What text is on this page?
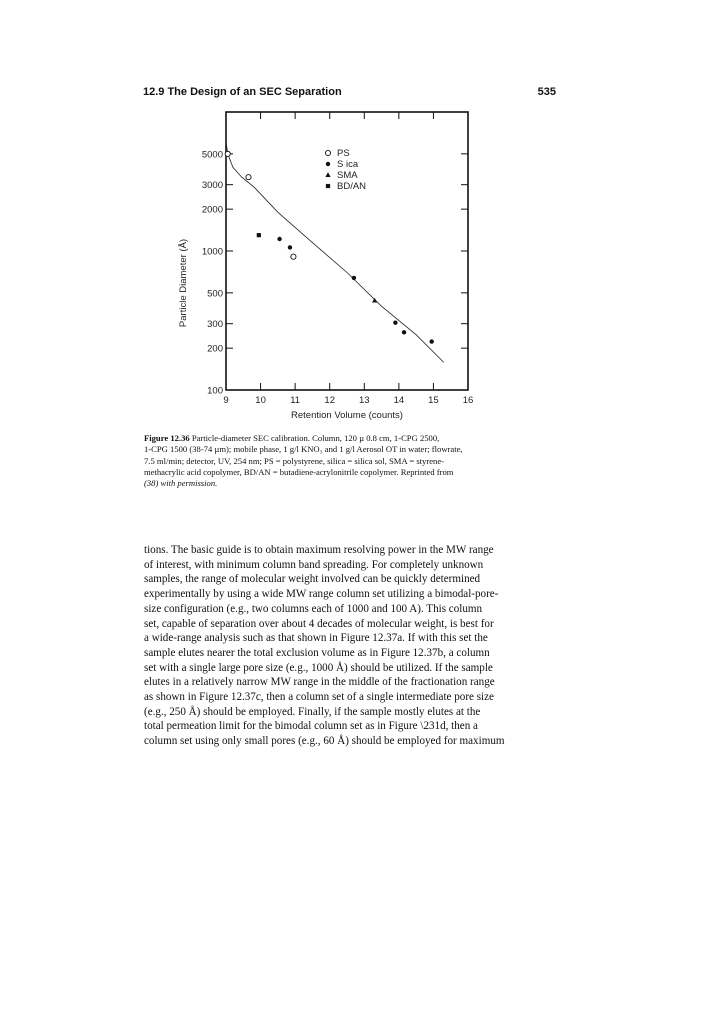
12.9 The Design of an SEC Separation	535
9	10	11	12	13	14	15	16
5000
3000
2000
1000
500
300
200
100
PS
S ica
SMA
BD/AN
Retention Volume (counts)
Particle Diameter (Å)
Figure 12.36 Particle-diameter SEC calibration. Column, 120 µ 0.8 cm, 1-CPG 2500,
1-CPG 1500 (38-74 µm); mobile phase, 1 g/l KNO₃ and 1 g/l Aerosol OT in water; flowrate,
7.5 ml/min; detector, UV, 254 nm; PS = polystyrene, silica = silica sol, SMA = styrene-
methacrylic acid copolymer, BD/AN = butadiene-acrylonitrile copolymer. Reprinted from
(38) with permission.
tions. The basic guide is to obtain maximum resolving power in the MW range
of interest, with minimum column band spreading. For completely unknown
samples, the range of molecular weight involved can be quickly determined
experimentally by using a wide MW range column set utilizing a bimodal-pore-
size configuration (e.g., two columns each of 1000 and 100 A). This column
set, capable of separation over about 4 decades of molecular weight, is best for
a wide-range analysis such as that shown in Figure 12.37a. If with this set the
sample elutes nearer the total exclusion volume as in Figure 12.37b, a column
set with a single large pore size (e.g., 1000 Å) should be utilized. If the sample
elutes in a relatively narrow MW range in the middle of the fractionation range
as shown in Figure 12.37c, then a column set of a single intermediate pore size
(e.g., 250 Å) should be employed. Finally, if the sample mostly elutes at the
total permeation limit for the bimodal column set as in Figure \231d, then a
column set using only small pores (e.g., 60 Å) should be employed for maximum
